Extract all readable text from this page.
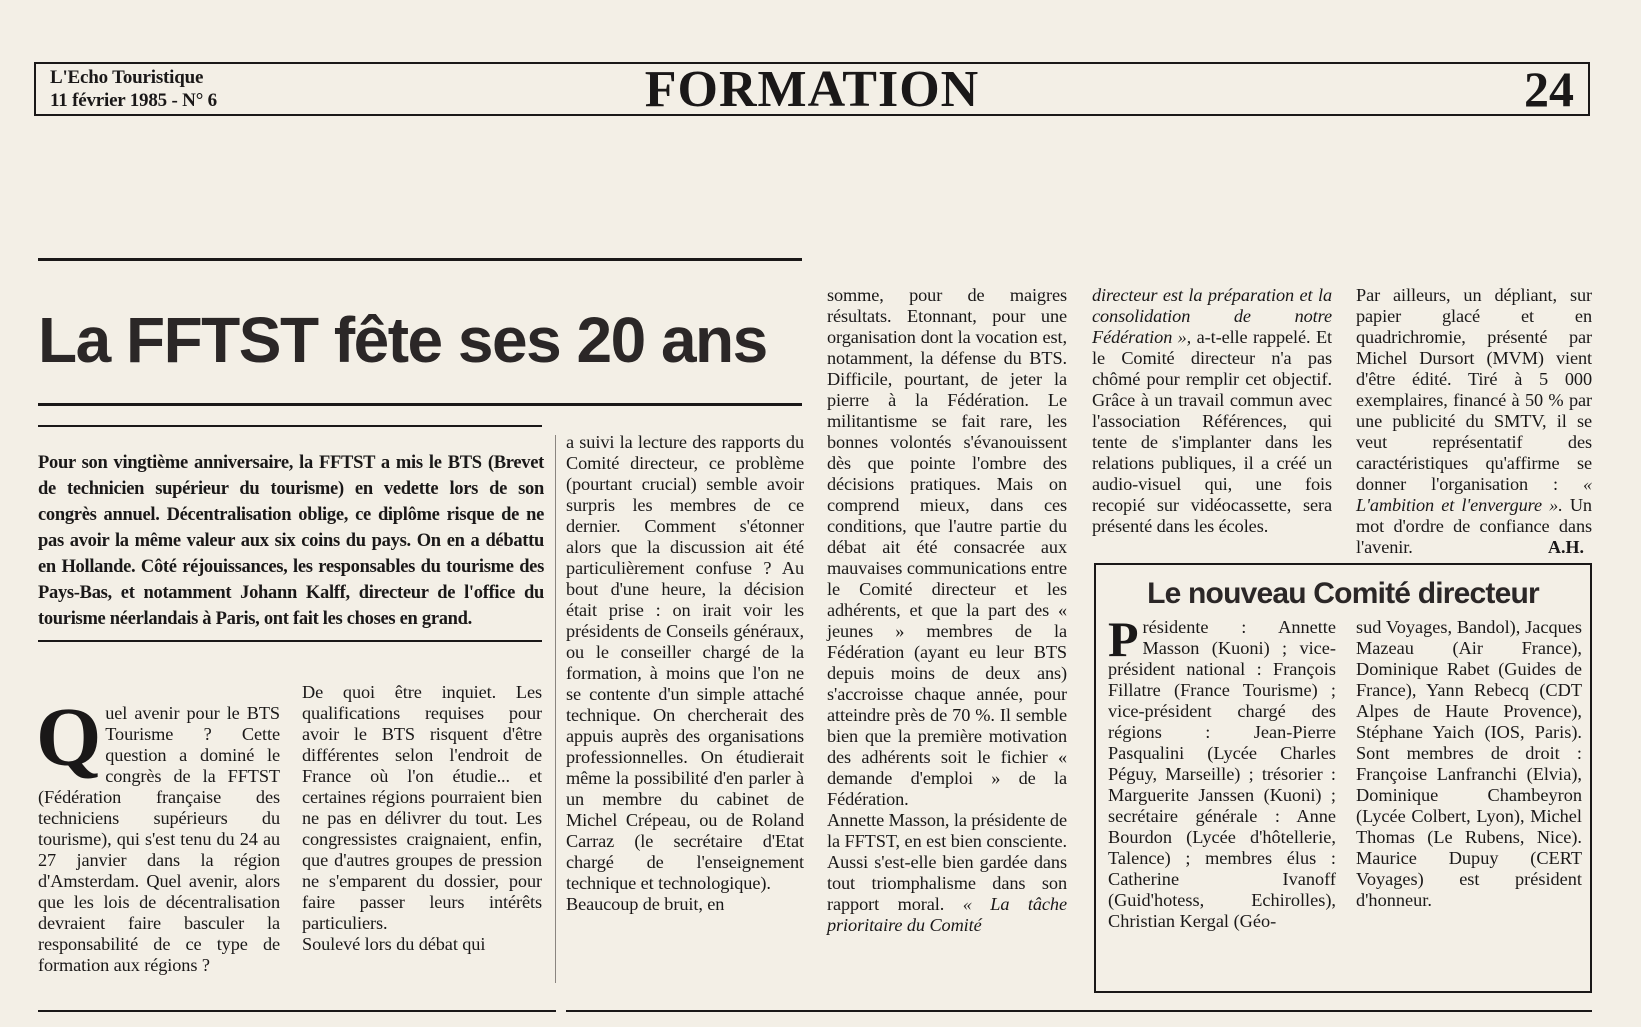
L'Echo Touristique
11 février 1985 - N° 6	FORMATION	24
La FFTST fête ses 20 ans
Pour son vingtième anniversaire, la FFTST a mis le BTS (Brevet de technicien supérieur du tourisme) en vedette lors de son congrès annuel. Décentralisation oblige, ce diplôme risque de ne pas avoir la même valeur aux six coins du pays. On en a débattu en Hollande. Côté réjouissances, les responsables du tourisme des Pays-Bas, et notamment Johann Kalff, directeur de l'office du tourisme néerlandais à Paris, ont fait les choses en grand.

Quel avenir pour le BTS Tourisme ? Cette question a dominé le congrès de la FFTST (Fédération française des techniciens supérieurs du tourisme), qui s'est tenu du 24 au 27 janvier dans la région d'Amsterdam. Quel avenir, alors que les lois de décentralisation devraient faire basculer la responsabilité de ce type de formation aux régions ?

De quoi être inquiet. Les qualifications requises pour avoir le BTS risquent d'être différentes selon l'endroit de France où l'on étudie... et certaines régions pourraient bien ne pas en délivrer du tout. Les congressistes craignaient, enfin, que d'autres groupes de pression ne s'emparent du dossier, pour faire passer leurs intérêts particuliers.
Soulevé lors du débat qui
a suivi la lecture des rapports du Comité directeur, ce problème (pourtant crucial) semble avoir surpris les membres de ce dernier. Comment s'étonner alors que la discussion ait été particulièrement confuse ? Au bout d'une heure, la décision était prise : on irait voir les présidents de Conseils généraux, ou le conseiller chargé de la formation, à moins que l'on ne se contente d'un simple attaché technique. On chercherait des appuis auprès des organisations professionnelles. On étudierait même la possibilité d'en parler à un membre du cabinet de Michel Crépeau, ou de Roland Carraz (le secrétaire d'Etat chargé de l'enseignement technique et technologique).
Beaucoup de bruit, en

somme, pour de maigres résultats. Etonnant, pour une organisation dont la vocation est, notamment, la défense du BTS. Difficile, pourtant, de jeter la pierre à la Fédération. Le militantisme se fait rare, les bonnes volontés s'évanouissent dès que pointe l'ombre des décisions pratiques. Mais on comprend mieux, dans ces conditions, que l'autre partie du débat ait été consacrée aux mauvaises communications entre le Comité directeur et les adhérents, et que la part des « jeunes » membres de la Fédération (ayant eu leur BTS depuis moins de deux ans) s'accroisse chaque année, pour atteindre près de 70 %. Il semble bien que la première motivation des adhérents soit le fichier « demande d'emploi » de la Fédération.
Annette Masson, la présidente de la FFTST, en est bien consciente. Aussi s'est-elle bien gardée dans tout triomphalisme dans son rapport moral. « La tâche prioritaire du Comité

directeur est la préparation et la consolidation de notre Fédération », a-t-elle rappelé. Et le Comité directeur n'a pas chômé pour remplir cet objectif. Grâce à un travail commun avec l'association Références, qui tente de s'implanter dans les relations publiques, il a créé un audio-visuel qui, une fois recopié sur vidéocassette, sera présenté dans les écoles.

Par ailleurs, un dépliant, sur papier glacé et en quadrichromie, présenté par Michel Dursort (MVM) vient d'être édité. Tiré à 5 000 exemplaires, financé à 50 % par une publicité du SMTV, il se veut représentatif des caractéristiques qu'affirme se donner l'organisation : « L'ambition et l'envergure ». Un mot d'ordre de confiance dans l'avenir.	A.H.
Le nouveau Comité directeur
Présidente : Annette Masson (Kuoni) ; vice-président national : François Fillatre (France Tourisme) ; vice-président chargé des régions : Jean-Pierre Pasqualini (Lycée Charles Péguy, Marseille) ; trésorier : Marguerite Janssen (Kuoni) ; secrétaire générale : Anne Bourdon (Lycée d'hôtellerie, Talence) ; membres élus : Catherine Ivanoff (Guid'hotess, Echirolles), Christian Kergal (Géo-
sud Voyages, Bandol), Jacques Mazeau (Air France), Dominique Rabet (Guides de France), Yann Rebecq (CDT Alpes de Haute Provence), Stéphane Yaich (IOS, Paris). Sont membres de droit : Françoise Lanfranchi (Elvia), Dominique Chambeyron (Lycée Colbert, Lyon), Michel Thomas (Le Rubens, Nice). Maurice Dupuy (CERT Voyages) est président d'honneur.
